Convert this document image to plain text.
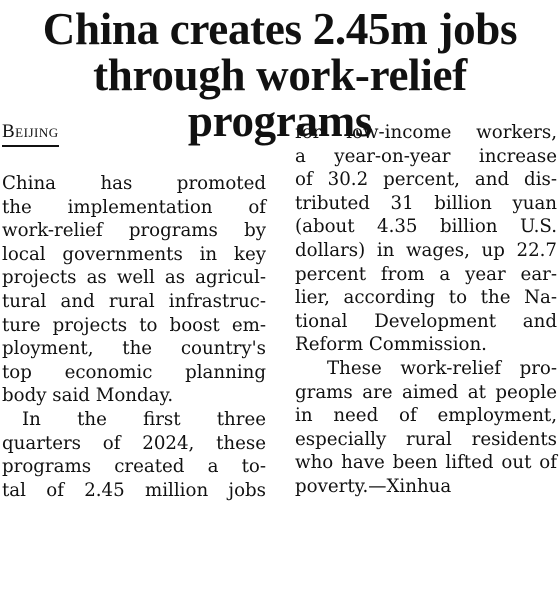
China creates 2.45m jobs
through work-relief programs
Beijing

China has promoted
the implementation of
work-relief programs by
local governments in key
projects as well as agricul-
tural and rural infrastruc-
ture projects to boost em-
ployment, the country's
top economic planning
body said Monday.

In the first three
quarters of 2024, these
programs created a to-
tal of 2.45 million jobs

for low-income workers,
a year-on-year increase
of 30.2 percent, and dis-
tributed 31 billion yuan
(about 4.35 billion U.S.
dollars) in wages, up 22.7
percent from a year ear-
lier, according to the Na-
tional Development and
Reform Commission.

These work-relief pro-
grams are aimed at people
in need of employment,
especially rural residents
who have been lifted out of
poverty.—Xinhua
